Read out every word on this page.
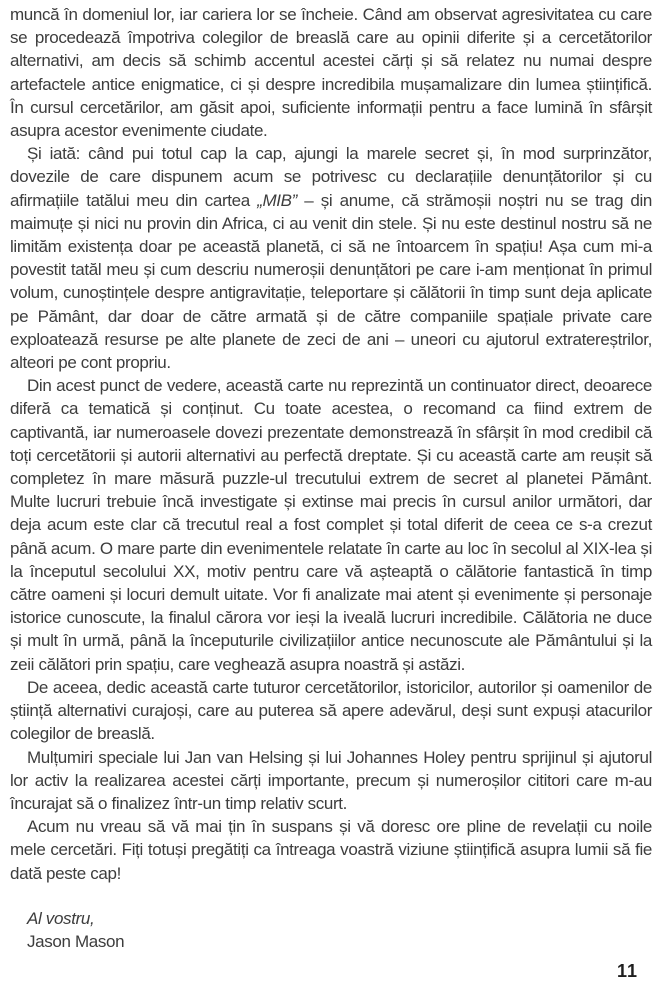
muncă în domeniul lor, iar cariera lor se încheie. Când am observat agresivitatea cu care se procedează împotriva colegilor de breaslă care au opinii diferite și a cercetătorilor alternativi, am decis să schimb accentul acestei cărți și să relatez nu numai despre artefactele antice enigmatice, ci și despre incredibila mușamalizare din lumea științifică. În cursul cercetărilor, am găsit apoi, suficiente informații pentru a face lumină în sfârșit asupra acestor evenimente ciudate.

Și iată: când pui totul cap la cap, ajungi la marele secret și, în mod surprinzător, dovezile de care dispunem acum se potrivesc cu declarațiile denunțătorilor și cu afirmațiile tatălui meu din cartea „MIB” – și anume, că strămoșii noștri nu se trag din maimuțe și nici nu provin din Africa, ci au venit din stele. Și nu este destinul nostru să ne limităm existența doar pe această planetă, ci să ne întoarcem în spațiu! Așa cum mi-a povestit tatăl meu și cum descriu numeroșii denunțători pe care i-am menționat în primul volum, cunoștințele despre antigravitație, teleportare și călătorii în timp sunt deja aplicate pe Pământ, dar doar de către armată și de către companiile spațiale private care exploatează resurse pe alte planete de zeci de ani – uneori cu ajutorul extratereștrilor, alteori pe cont propriu.

Din acest punct de vedere, această carte nu reprezintă un continuator direct, deoarece diferă ca tematică și conținut. Cu toate acestea, o recomand ca fiind extrem de captivantă, iar numeroasele dovezi prezentate demonstrează în sfârșit în mod credibil că toți cercetătorii și autorii alternativi au perfectă dreptate. Și cu această carte am reușit să completez în mare măsură puzzle-ul trecutului extrem de secret al planetei Pământ. Multe lucruri trebuie încă investigate și extinse mai precis în cursul anilor următori, dar deja acum este clar că trecutul real a fost complet și total diferit de ceea ce s-a crezut până acum. O mare parte din evenimentele relatate în carte au loc în secolul al XIX-lea și la începutul secolului XX, motiv pentru care vă așteaptă o călătorie fantastică în timp către oameni și locuri demult uitate. Vor fi analizate mai atent și evenimente și personaje istorice cunoscute, la finalul cărora vor ieși la iveală lucruri incredibile. Călătoria ne duce și mult în urmă, până la începuturile civilizațiilor antice necunoscute ale Pământului și la zeii călători prin spațiu, care veghează asupra noastră și astăzi.

De aceea, dedic această carte tuturor cercetătorilor, istoricilor, autorilor și oamenilor de știință alternativi curajoși, care au puterea să apere adevărul, deși sunt expuși atacurilor colegilor de breaslă.

Mulțumiri speciale lui Jan van Helsing și lui Johannes Holey pentru sprijinul și ajutorul lor activ la realizarea acestei cărți importante, precum și numeroșilor cititori care m-au încurajat să o finalizez într-un timp relativ scurt.

Acum nu vreau să vă mai țin în suspans și vă doresc ore pline de revelații cu noile mele cercetări. Fiți totuși pregătiți ca întreaga voastră viziune științifică asupra lumii să fie dată peste cap!

Al vostru,

Jason Mason

11
